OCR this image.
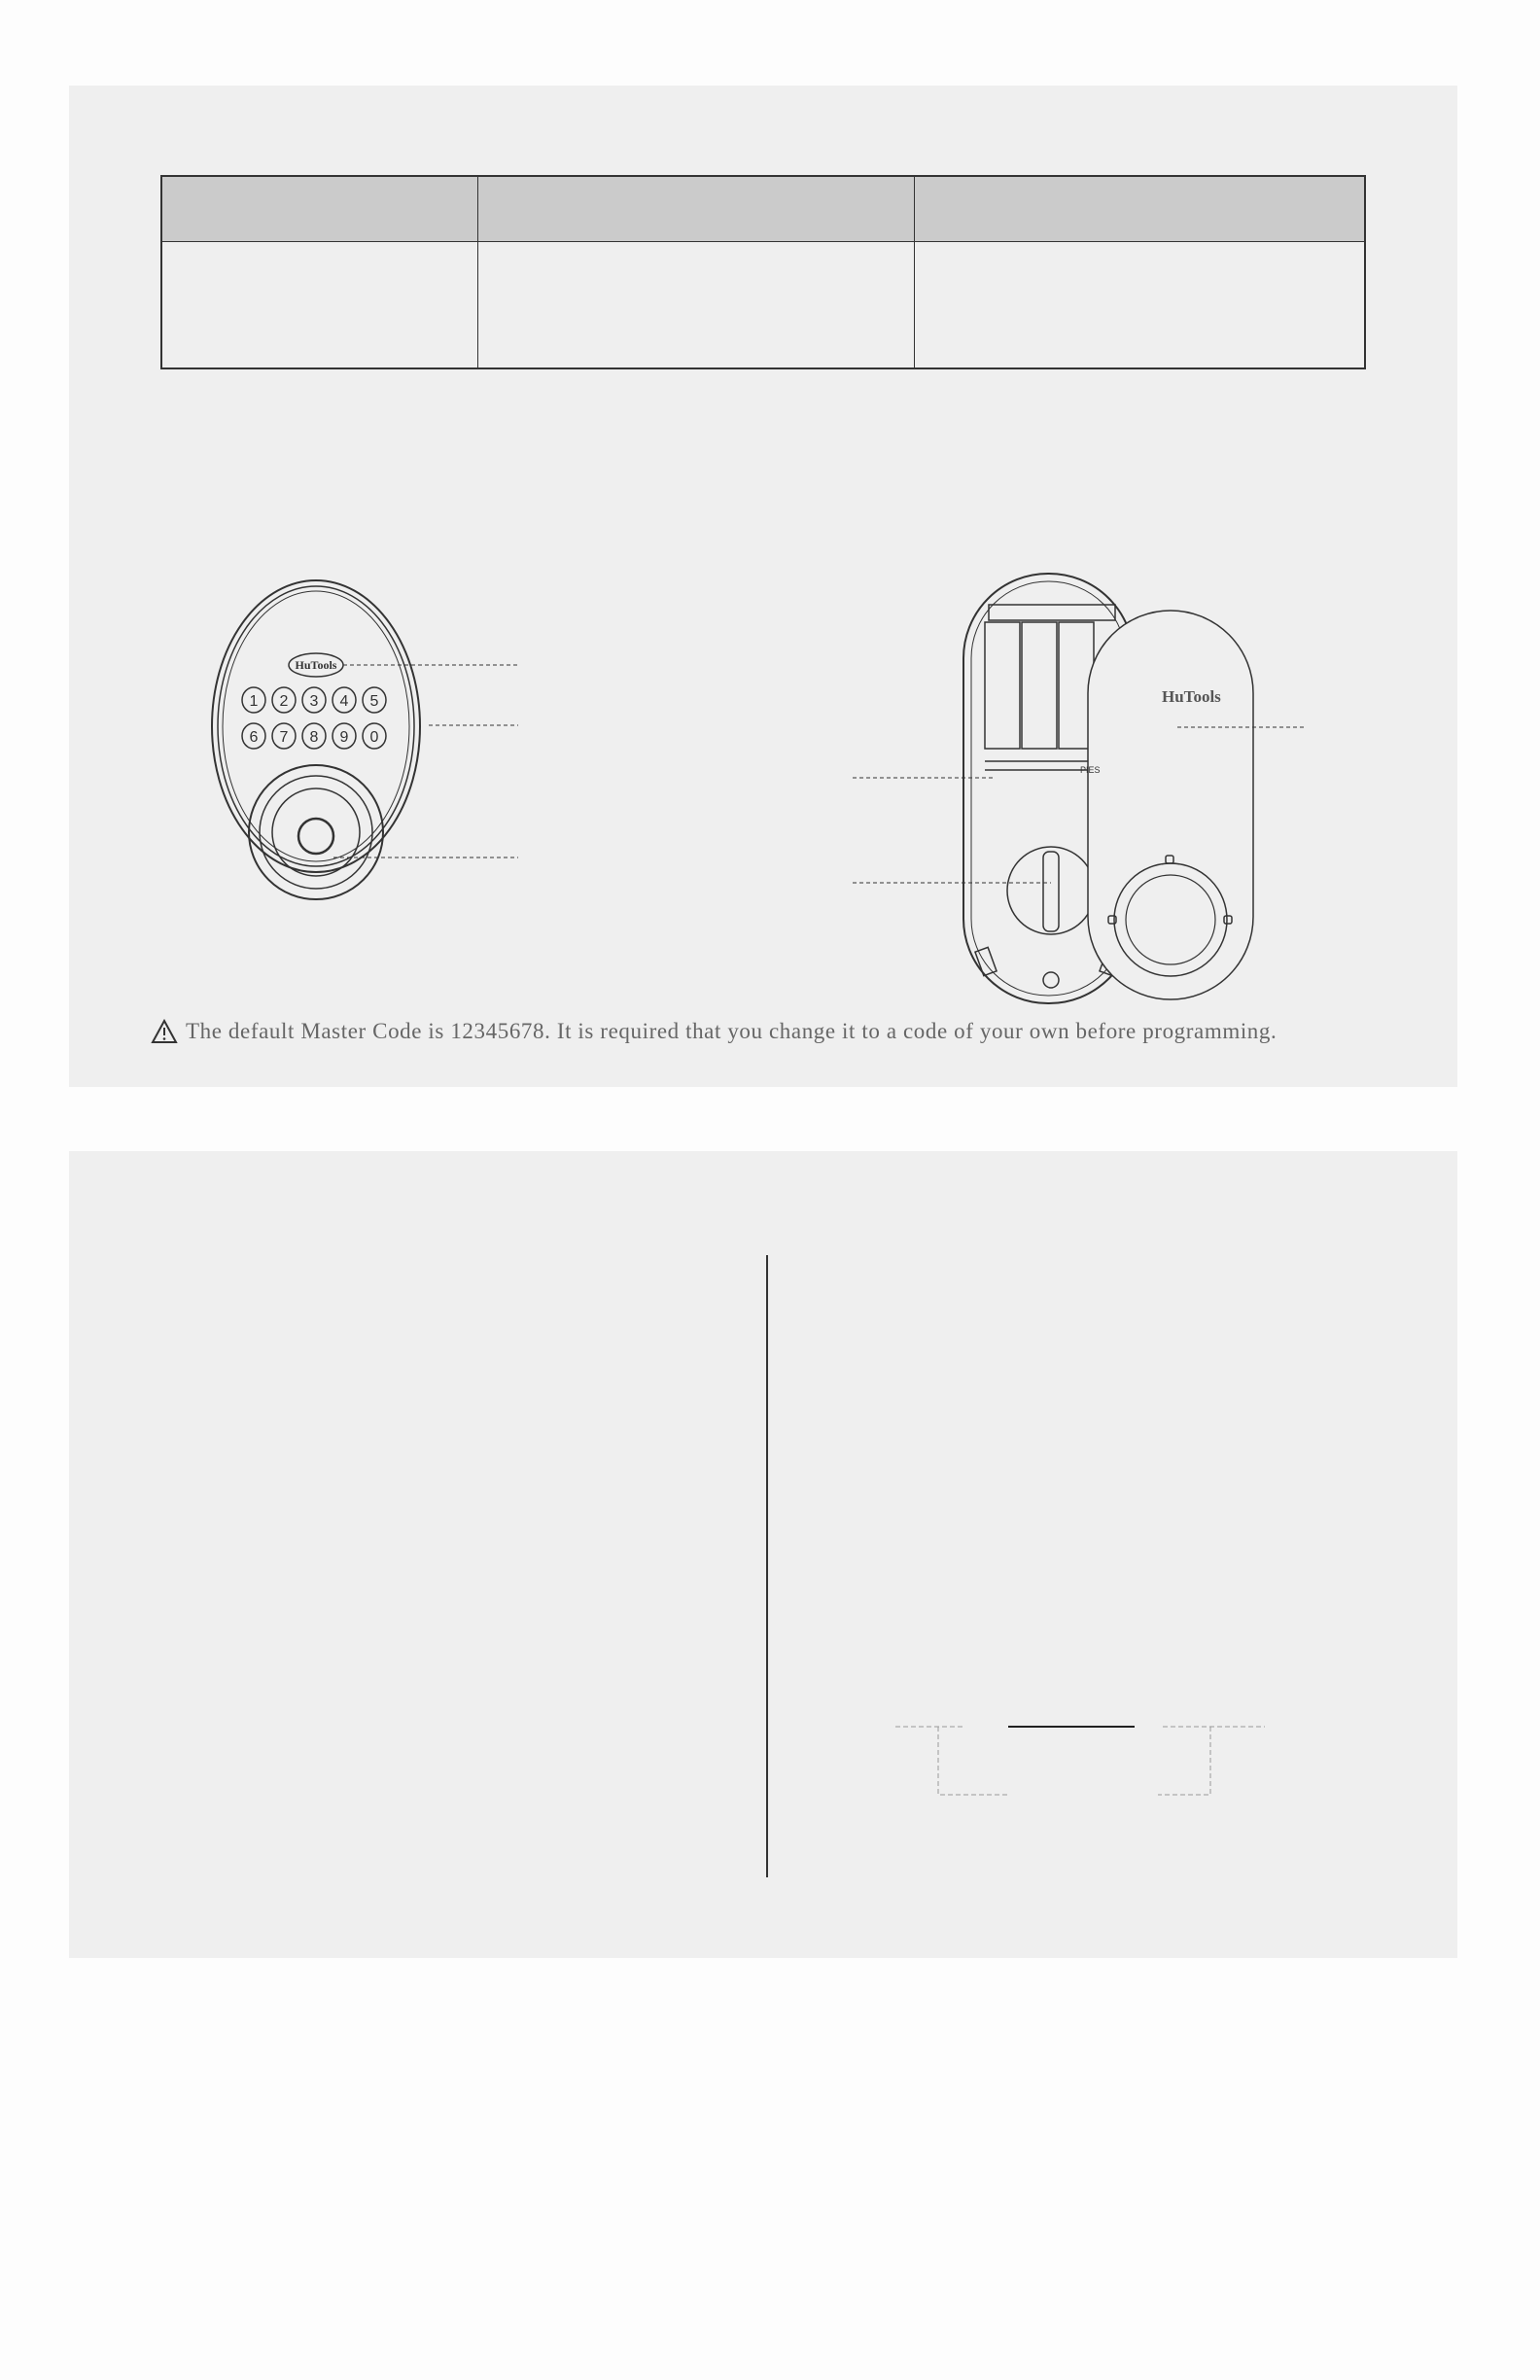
HuTools
1 2 3 4 5
6 7 8 9 0
HuTools
PIES
The default Master Code is 12345678. It is required that you change it to a code of your own before programming.
